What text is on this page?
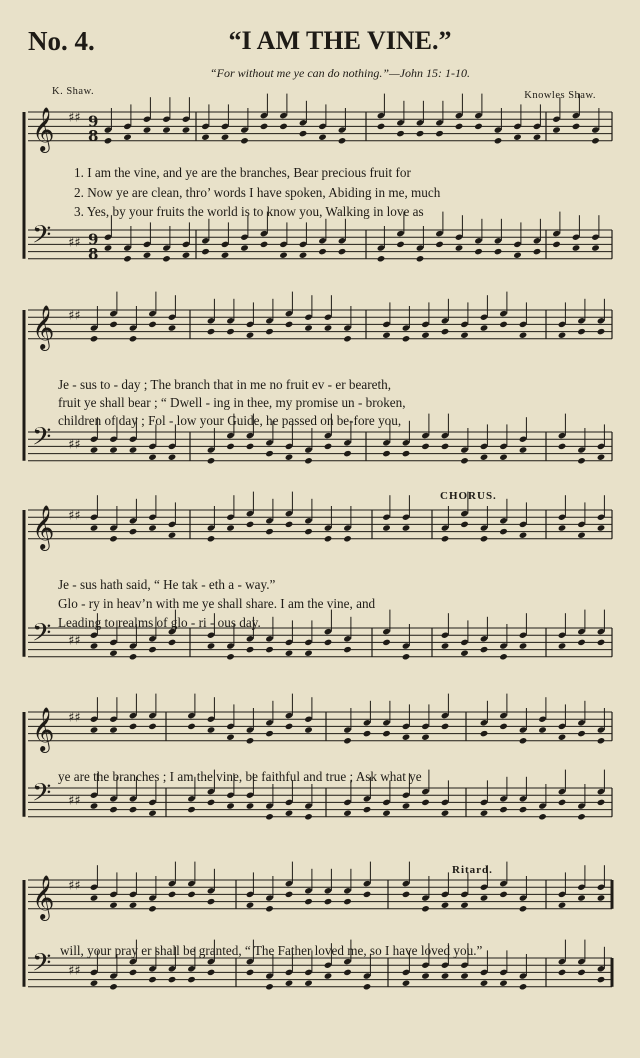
No. 4.	“I AM THE VINE.”
“For without me ye can do nothing.”—John 15: 1-10.
K. Shaw.	Knowles Shaw.
𝄞 ♯♯ 9
8
𝄢 ♯♯ 9
8
𝄞 ♯♯
𝄢 ♯♯
𝄞 ♯♯
𝄢 ♯♯
𝄞 ♯♯
𝄢 ♯♯
𝄞 ♯♯
𝄢 ♯♯
1. I am the vine, and ye are the branches, Bear precious fruit for
2. Now ye are clean, thro’ words I have spoken, Abiding in me, much
3. Yes, by your fruits the world is to know you, Walking in love as
Je - sus to - day ; The branch that in me no fruit ev - er beareth,
fruit ye shall bear ; “ Dwell - ing in thee, my promise un - broken,
children of day ; Fol - low your Guide, he passed on be-fore you,
CHORUS.
Je - sus hath said, “ He tak - eth a - way.”
Glo - ry in heav’n with me ye shall share. I am the vine, and
Leading to realms of glo - ri - ous day.
ye are the branches ; I am the vine, be faithful and true ; Ask what ye
Ritard.
will, your pray er shall be granted, “ The Father loved me, so I have loved you.”
